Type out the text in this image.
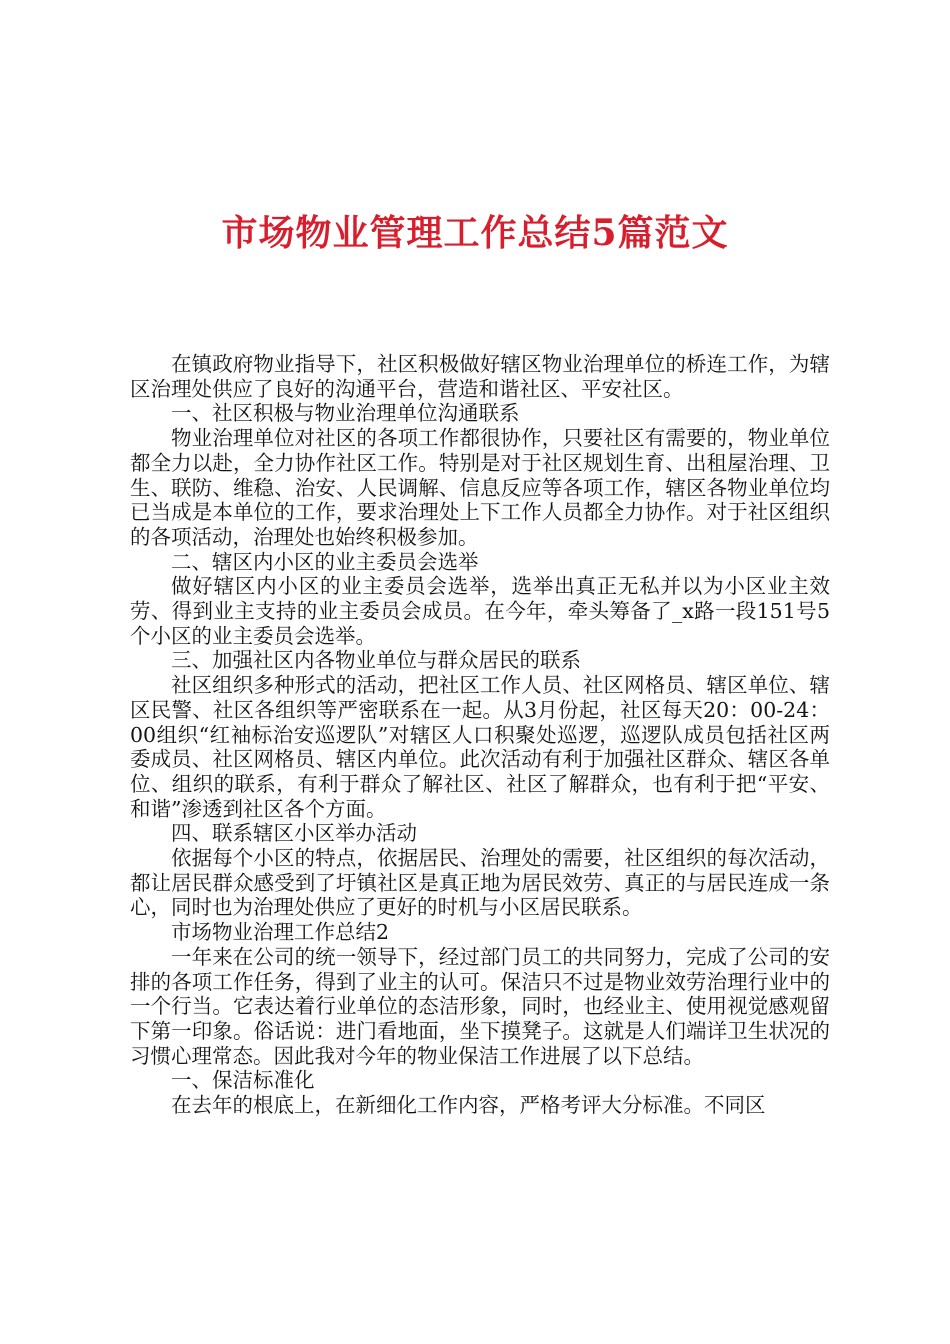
市场物业管理工作总结5篇范文

在镇政府物业指导下，社区积极做好辖区物业治理单位的桥连工作，为辖区治理处供应了良好的沟通平台，营造和谐社区、平安社区。

一、社区积极与物业治理单位沟通联系

物业治理单位对社区的各项工作都很协作，只要社区有需要的，物业单位都全力以赴，全力协作社区工作。特别是对于社区规划生育、出租屋治理、卫生、联防、维稳、治安、人民调解、信息反应等各项工作，辖区各物业单位均已当成是本单位的工作，要求治理处上下工作人员都全力协作。对于社区组织的各项活动，治理处也始终积极参加。

二、辖区内小区的业主委员会选举

做好辖区内小区的业主委员会选举，选举出真正无私并以为小区业主效劳、得到业主支持的业主委员会成员。在今年，牵头筹备了_x路一段151号5个小区的业主委员会选举。

三、加强社区内各物业单位与群众居民的联系

社区组织多种形式的活动，把社区工作人员、社区网格员、辖区单位、辖区民警、社区各组织等严密联系在一起。从3月份起，社区每天20：00-24：00组织“红袖标治安巡逻队”对辖区人口积聚处巡逻，巡逻队成员包括社区两委成员、社区网格员、辖区内单位。此次活动有利于加强社区群众、辖区各单位、组织的联系，有利于群众了解社区、社区了解群众，也有利于把“平安、和谐”渗透到社区各个方面。

四、联系辖区小区举办活动

依据每个小区的特点，依据居民、治理处的需要，社区组织的每次活动，都让居民群众感受到了圩镇社区是真正地为居民效劳、真正的与居民连成一条心，同时也为治理处供应了更好的时机与小区居民联系。

市场物业治理工作总结2

一年来在公司的统一领导下，经过部门员工的共同努力，完成了公司的安排的各项工作任务，得到了业主的认可。保洁只不过是物业效劳治理行业中的一个行当。它表达着行业单位的态洁形象，同时，也经业主、使用视觉感观留下第一印象。俗话说：进门看地面，坐下摸凳子。这就是人们端详卫生状况的习惯心理常态。因此我对今年的物业保洁工作进展了以下总结。

一、保洁标准化

在去年的根底上，在新细化工作内容，严格考评大分标准。不同区
